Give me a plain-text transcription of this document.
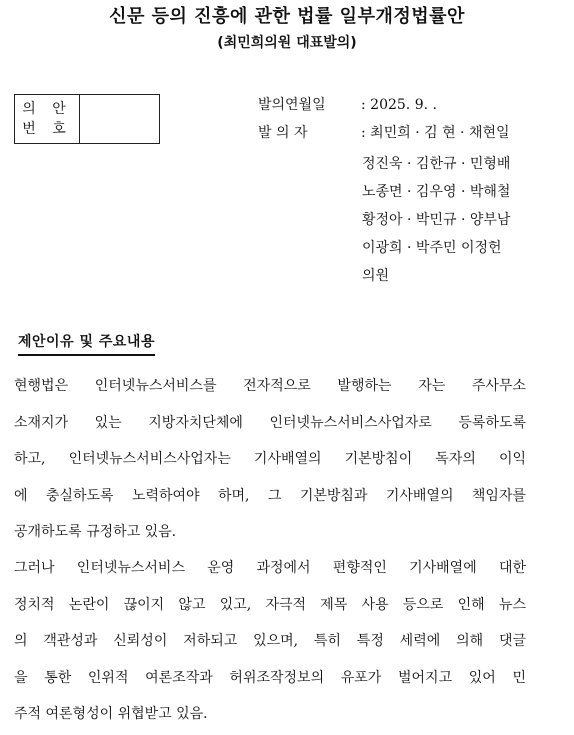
신문 등의 진흥에 관한 법률 일부개정법률안
(최민희의원 대표발의)
의 안
번 호
발의연월일	: 2025. 9. .
발 의 자	: 최민희 · 김 현 · 채현일
정진욱 · 김한규 · 민형배
노종면 · 김우영 · 박해철
황정아 · 박민규 · 양부남
이광희 · 박주민 이정헌
의원
제안이유 및 주요내용
현행법은 인터넷뉴스서비스를 전자적으로 발행하는 자는 주사무소
소재지가 있는 지방자치단체에 인터넷뉴스서비스사업자로 등록하도록
하고, 인터넷뉴스서비스사업자는 기사배열의 기본방침이 독자의 이익
에 충실하도록 노력하여야 하며, 그 기본방침과 기사배열의 책임자를
공개하도록 규정하고 있음.
그러나 인터넷뉴스서비스 운영 과정에서 편향적인 기사배열에 대한
정치적 논란이 끊이지 않고 있고, 자극적 제목 사용 등으로 인해 뉴스
의 객관성과 신뢰성이 저하되고 있으며, 특히 특정 세력에 의해 댓글
을 통한 인위적 여론조작과 허위조작정보의 유포가 벌어지고 있어 민
주적 여론형성이 위협받고 있음.
